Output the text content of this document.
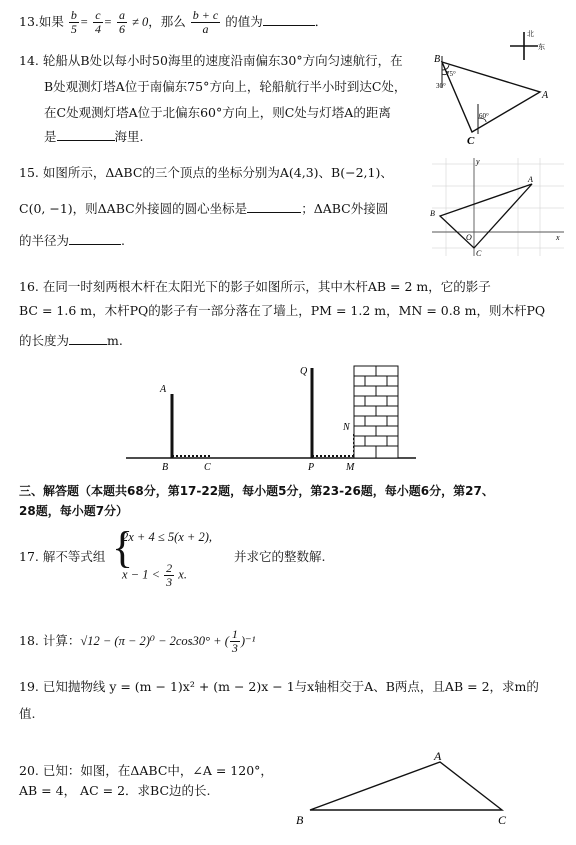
13.如果 $\frac{b}{5} = \frac{c}{4} = \frac{a}{6} \ne 0$，那么 $\frac{b + c}{a}$ 的值为	．
14. 轮船从B处以每小时50海里的速度沿南偏东30°方向匀速航行，在
B处观测灯塔A位于南偏东75°方向上，轮船航行半小时到达C处，
在C处观测灯塔A位于北偏东60°方向上，则C处与灯塔A的距离
是	海里.
北
东
B
A
C
75°
30°
60°
15. 如图所示，ΔABC的三个顶点的坐标分别为A(4,3)、B(−2,1)、
C(0, −1)，则ΔABC外接圆的圆心坐标是	；ΔABC外接圆
的半径为	.
y
x
A
B
O
C
16. 在同一时刻两根木杆在太阳光下的影子如图所示，其中木杆AB = 2 m，它的影子
BC = 1.6 m，木杆PQ的影子有一部分落在了墙上，PM = 1.2 m，MN = 0.8 m，则木杆PQ
的长度为	m.
A
B	C
Q
P	M
N
三、解答题（本题共68分，第17-22题，每小题5分，第23-26题，每小题6分，第27、
28题，每小题7分）
17. 解不等式组 {
2x + 4 ≤ 5(x + 2),
$x - 1 < \frac{2}{3} x$.
并求它的整数解.
18. 计算：√12 − (π − 2)⁰ − 2cos30° + ( $\frac{1}{3} )^{-1}$
19. 已知抛物线 y = (m − 1)x² + (m − 2)x − 1与x轴相交于A、B两点，且AB = 2，求m的
值.
20. 已知：如图，在ΔABC中，∠A = 120°，
AB = 4， AC = 2．求BC边的长.
A
B	C
